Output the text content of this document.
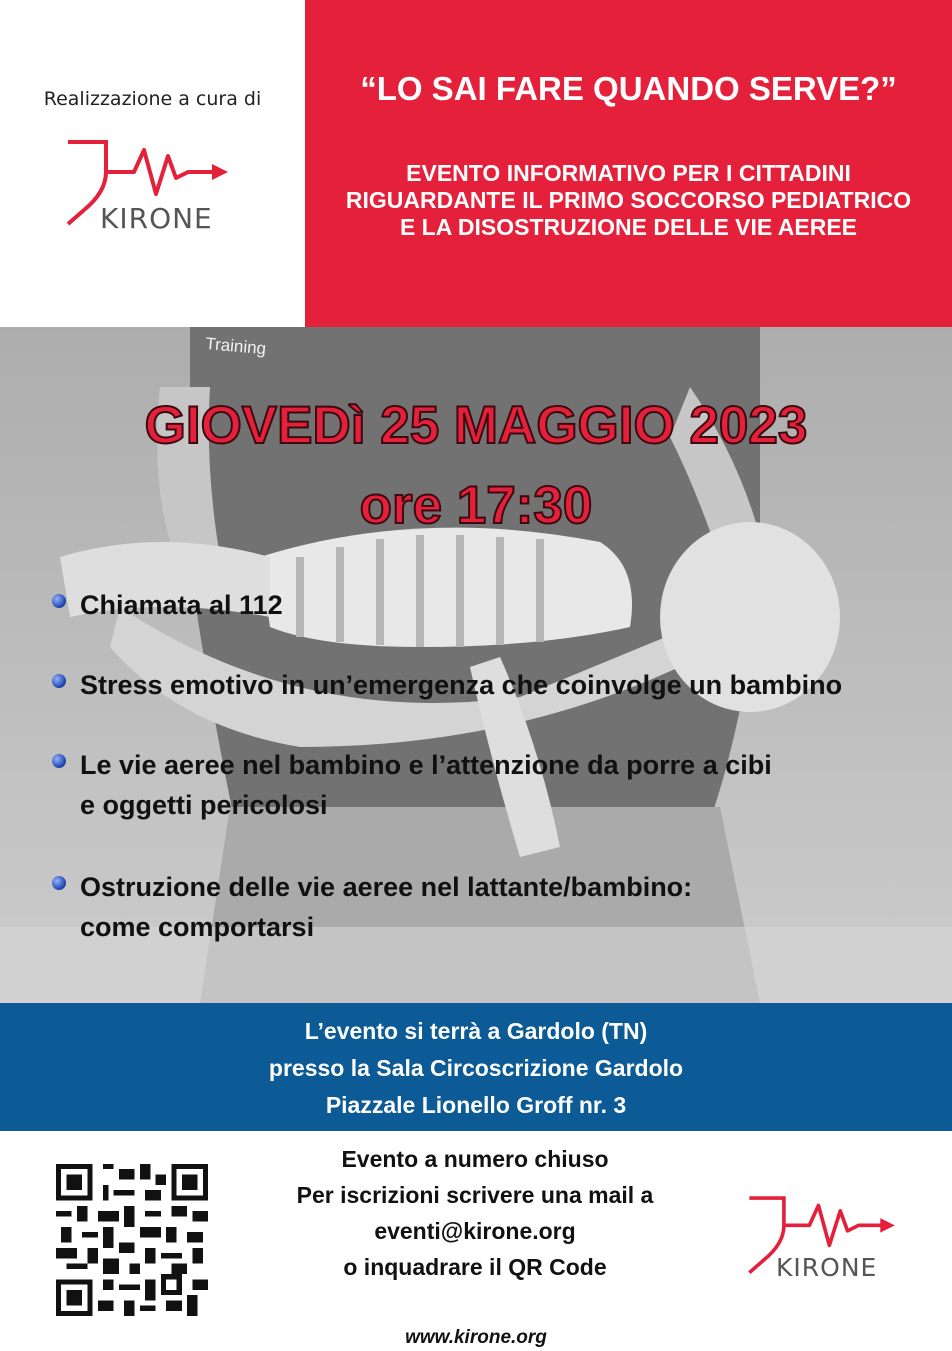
Realizzazione a cura di
KIRONE
“LO SAI FARE QUANDO SERVE?”
EVENTO INFORMATIVO PER I CITTADINI
RIGUARDANTE IL PRIMO SOCCORSO PEDIATRICO
E LA DISOSTRUZIONE DELLE VIE AEREE
Training
GIOVEDì 25 MAGGIO 2023
ore 17:30
Chiamata al 112
Stress emotivo in un’emergenza che coinvolge un bambino
Le vie aeree nel bambino e l’attenzione da porre a cibi
e oggetti pericolosi
Ostruzione delle vie aeree nel lattante/bambino:
come comportarsi
L’evento si terrà a Gardolo (TN)
presso la Sala Circoscrizione Gardolo
Piazzale Lionello Groff nr. 3
Evento a numero chiuso
Per iscrizioni scrivere una mail a
eventi@kirone.org
o inquadrare il QR Code	KIRONE
www.kirone.org
